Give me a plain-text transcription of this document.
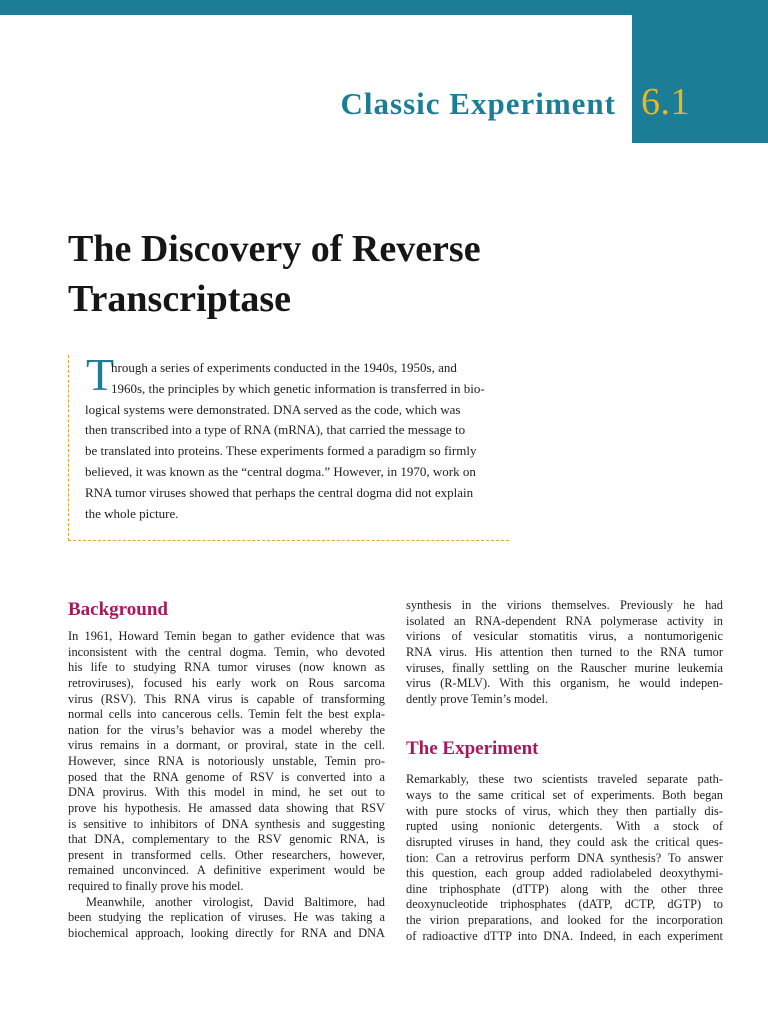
Classic Experiment 6.1
The Discovery of Reverse
Transcriptase
T

hrough a series of experiments conducted in the 1940s, 1950s, and
1960s, the principles by which genetic information is transferred in bio-
logical systems were demonstrated. DNA served as the code, which was
then transcribed into a type of RNA (mRNA), that carried the message to
be translated into proteins. These experiments formed a paradigm so firmly
believed, it was known as the “central dogma.” However, in 1970, work on
RNA tumor viruses showed that perhaps the central dogma did not explain
the whole picture.

Background

In 1961, Howard Temin began to gather evidence that was
inconsistent with the central dogma. Temin, who devoted
his life to studying RNA tumor viruses (now known as
retroviruses), focused his early work on Rous sarcoma
virus (RSV). This RNA virus is capable of transforming
normal cells into cancerous cells. Temin felt the best expla-
nation for the virus’s behavior was a model whereby the
virus remains in a dormant, or proviral, state in the cell.
However, since RNA is notoriously unstable, Temin pro-
posed that the RNA genome of RSV is converted into a
DNA provirus. With this model in mind, he set out to
prove his hypothesis. He amassed data showing that RSV
is sensitive to inhibitors of DNA synthesis and suggesting
that DNA, complementary to the RSV genomic RNA, is
present in transformed cells. Other researchers, however,
remained unconvinced. A definitive experiment would be
required to finally prove his model.

Meanwhile, another virologist, David Baltimore, had
been studying the replication of viruses. He was taking a
biochemical approach, looking directly for RNA and DNA

synthesis in the virions themselves. Previously he had
isolated an RNA-dependent RNA polymerase activity in
virions of vesicular stomatitis virus, a nontumorigenic
RNA virus. His attention then turned to the RNA tumor
viruses, finally settling on the Rauscher murine leukemia
virus (R-MLV). With this organism, he would indepen-
dently prove Temin’s model.

The Experiment

Remarkably, these two scientists traveled separate path-
ways to the same critical set of experiments. Both began
with pure stocks of virus, which they then partially dis-
rupted using nonionic detergents. With a stock of
disrupted viruses in hand, they could ask the critical ques-
tion: Can a retrovirus perform DNA synthesis? To answer
this question, each group added radiolabeled deoxythymi-
dine triphosphate (dTTP) along with the other three
deoxynucleotide triphosphates (dATP, dCTP, dGTP) to
the virion preparations, and looked for the incorporation
of radioactive dTTP into DNA. Indeed, in each experiment
